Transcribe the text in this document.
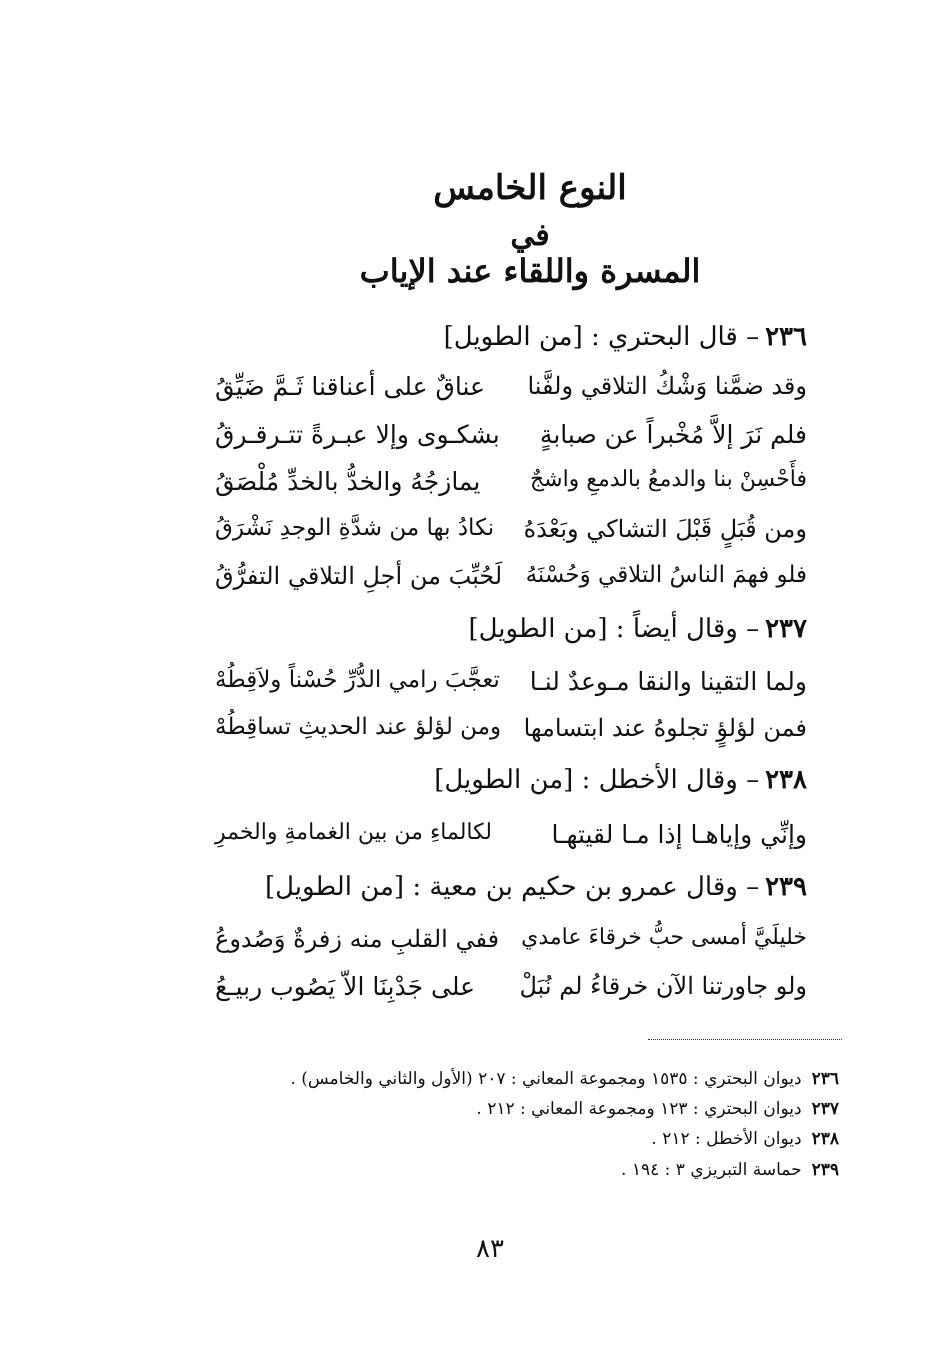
النوع الخامس
في
المسرة واللقاء عند الإياب
٢٣٦– قال البحتري : [من الطويل]
وقد ضمَّنا وَشْكُ التلاقي ولفَّنا
عناقٌ على أعناقنا ثَـمَّ ضَيِّقُ
فلم نَرَ إلاَّ مُخْبراً عن صبابةٍ
بشكـوى وإلا عبـرةً تتـرقـرقُ
فأَحْسِنْ بنا والدمعُ بالدمعِ واشجٌ
يمازجُهُ والخدُّ بالخدِّ مُلْصَقُ
ومن قُبَلٍ قَبْلَ التشاكي وبَعْدَهُ
نكادُ بها من شدَّةِ الوجدِ نَشْرَقُ
فلو فهمَ الناسُ التلاقي وَحُسْنَهُ
لَحُبِّبَ من أجلِ التلاقي التفرُّقُ
٢٣٧– وقال أيضاً : [من الطويل]
ولما التقينا والنقا مـوعدٌ لنـا
تعجَّبَ رامي الدُّرِّ حُسْناً ولاَقِطُهْ
فمن لؤلؤٍ تجلوهُ عند ابتسامها
ومن لؤلؤ عند الحديثِ تساقِطُهْ
٢٣٨– وقال الأخطل : [من الطويل]
وإنِّي وإياهـا إذا مـا لقيتهـا
لكالماءِ من بين الغمامةِ والخمرِ
٢٣٩– وقال عمرو بن حكيم بن معية : [من الطويل]
خليلَيَّ أمسى حبُّ خرقاءَ عامدي
ففي القلبِ منه زفرةٌ وَصُدوعُ
ولو جاورتنا الآن خرقاءُ لم نُبَلْ
على جَدْبِنَا الاّ يَصُوب ربيـعُ
٢٣٦ديوان البحتري : ١٥٣٥ ومجموعة المعاني : ٢٠٧ (الأول والثاني والخامس) .
٢٣٧ديوان البحتري : ١٢٣ ومجموعة المعاني : ٢١٢ .
٢٣٨ديوان الأخطل : ٢١٢ .
٢٣٩حماسة التبريزي ٣ : ١٩٤ .
٨٣
